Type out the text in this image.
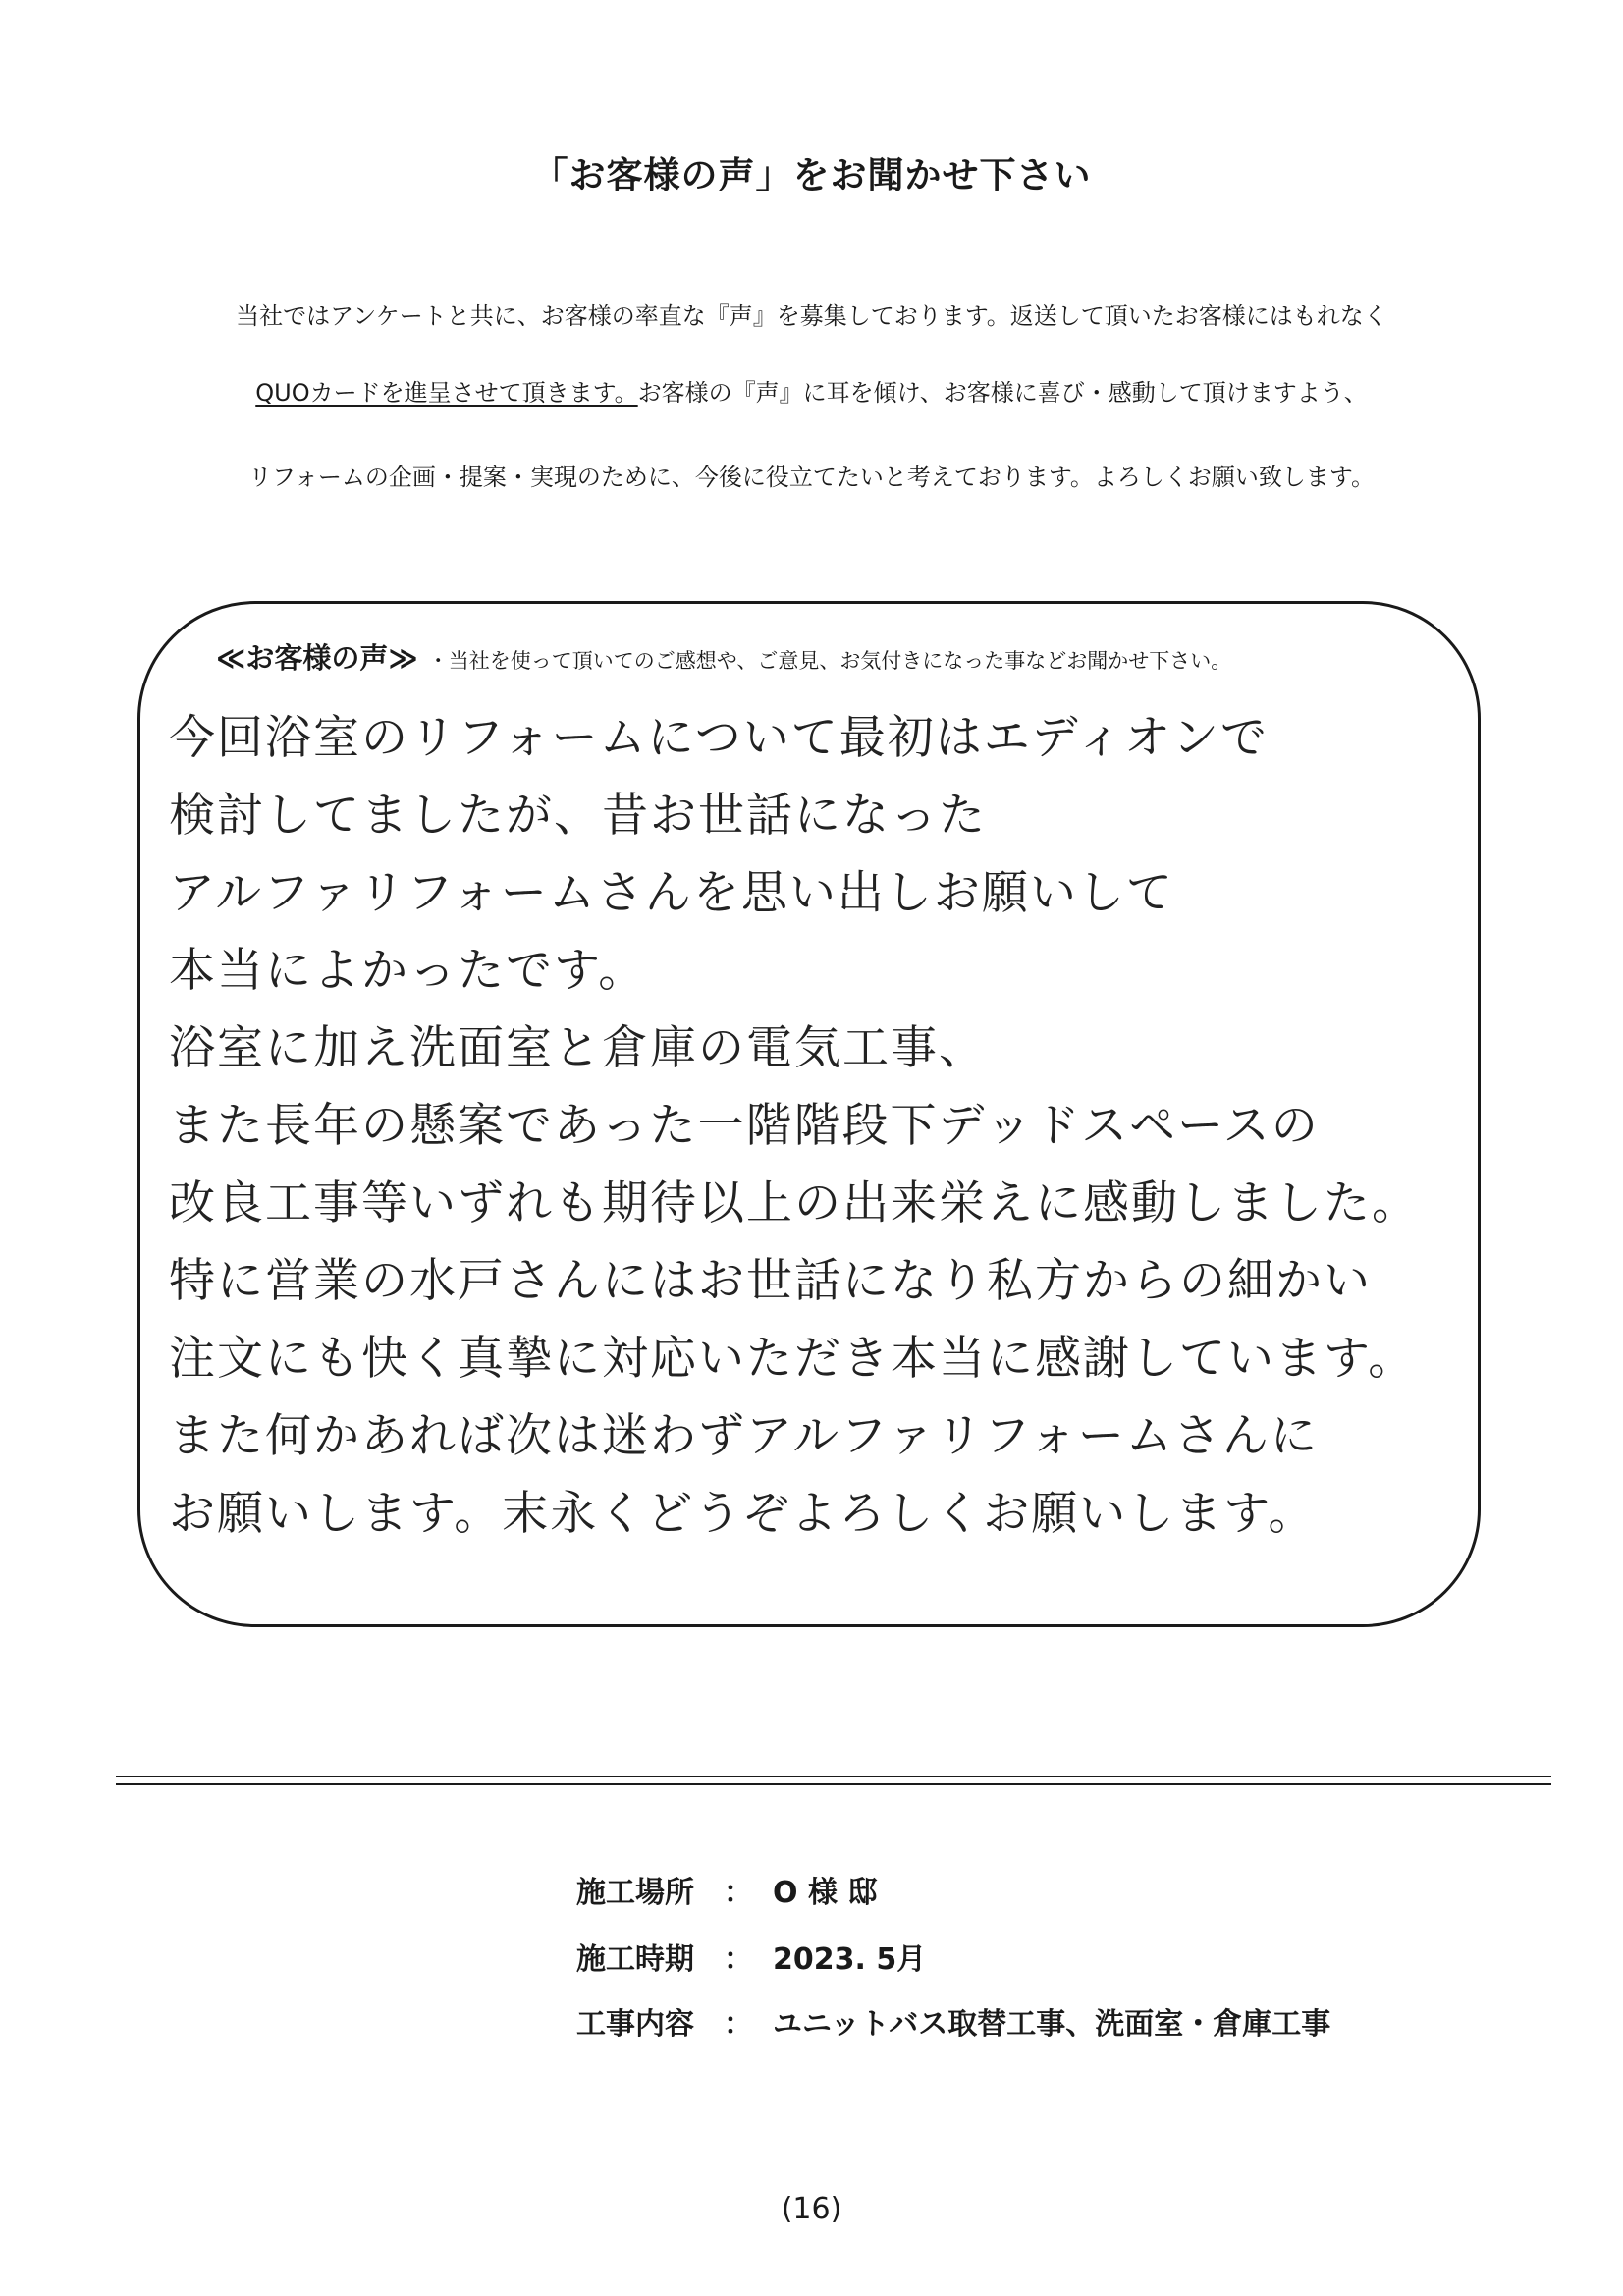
「お客様の声」をお聞かせ下さい
当社ではアンケートと共に、お客様の率直な『声』を募集しております。返送して頂いたお客様にはもれなく
QUOカードを進呈させて頂きます。お客様の『声』に耳を傾け、お客様に喜び・感動して頂けますよう、
リフォームの企画・提案・実現のために、今後に役立てたいと考えております。よろしくお願い致します。
≪お客様の声≫ ・当社を使って頂いてのご感想や、ご意見、お気付きになった事などお聞かせ下さい。
今回浴室のリフォームについて最初はエディオンで
検討してましたが、昔お世話になった
アルファリフォームさんを思い出しお願いして
本当によかったです。
浴室に加え洗面室と倉庫の電気工事、
また長年の懸案であった一階階段下デッドスペースの
改良工事等いずれも期待以上の出来栄えに感動しました。
特に営業の水戸さんにはお世話になり私方からの細かい
注文にも快く真摯に対応いただき本当に感謝しています。
また何かあれば次は迷わずアルファリフォームさんに
お願いします。末永くどうぞよろしくお願いします。
施工場所 ： O 様 邸
施工時期 ： 2023. 5月
工事内容 ： ユニットバス取替工事、洗面室・倉庫工事
(16)
